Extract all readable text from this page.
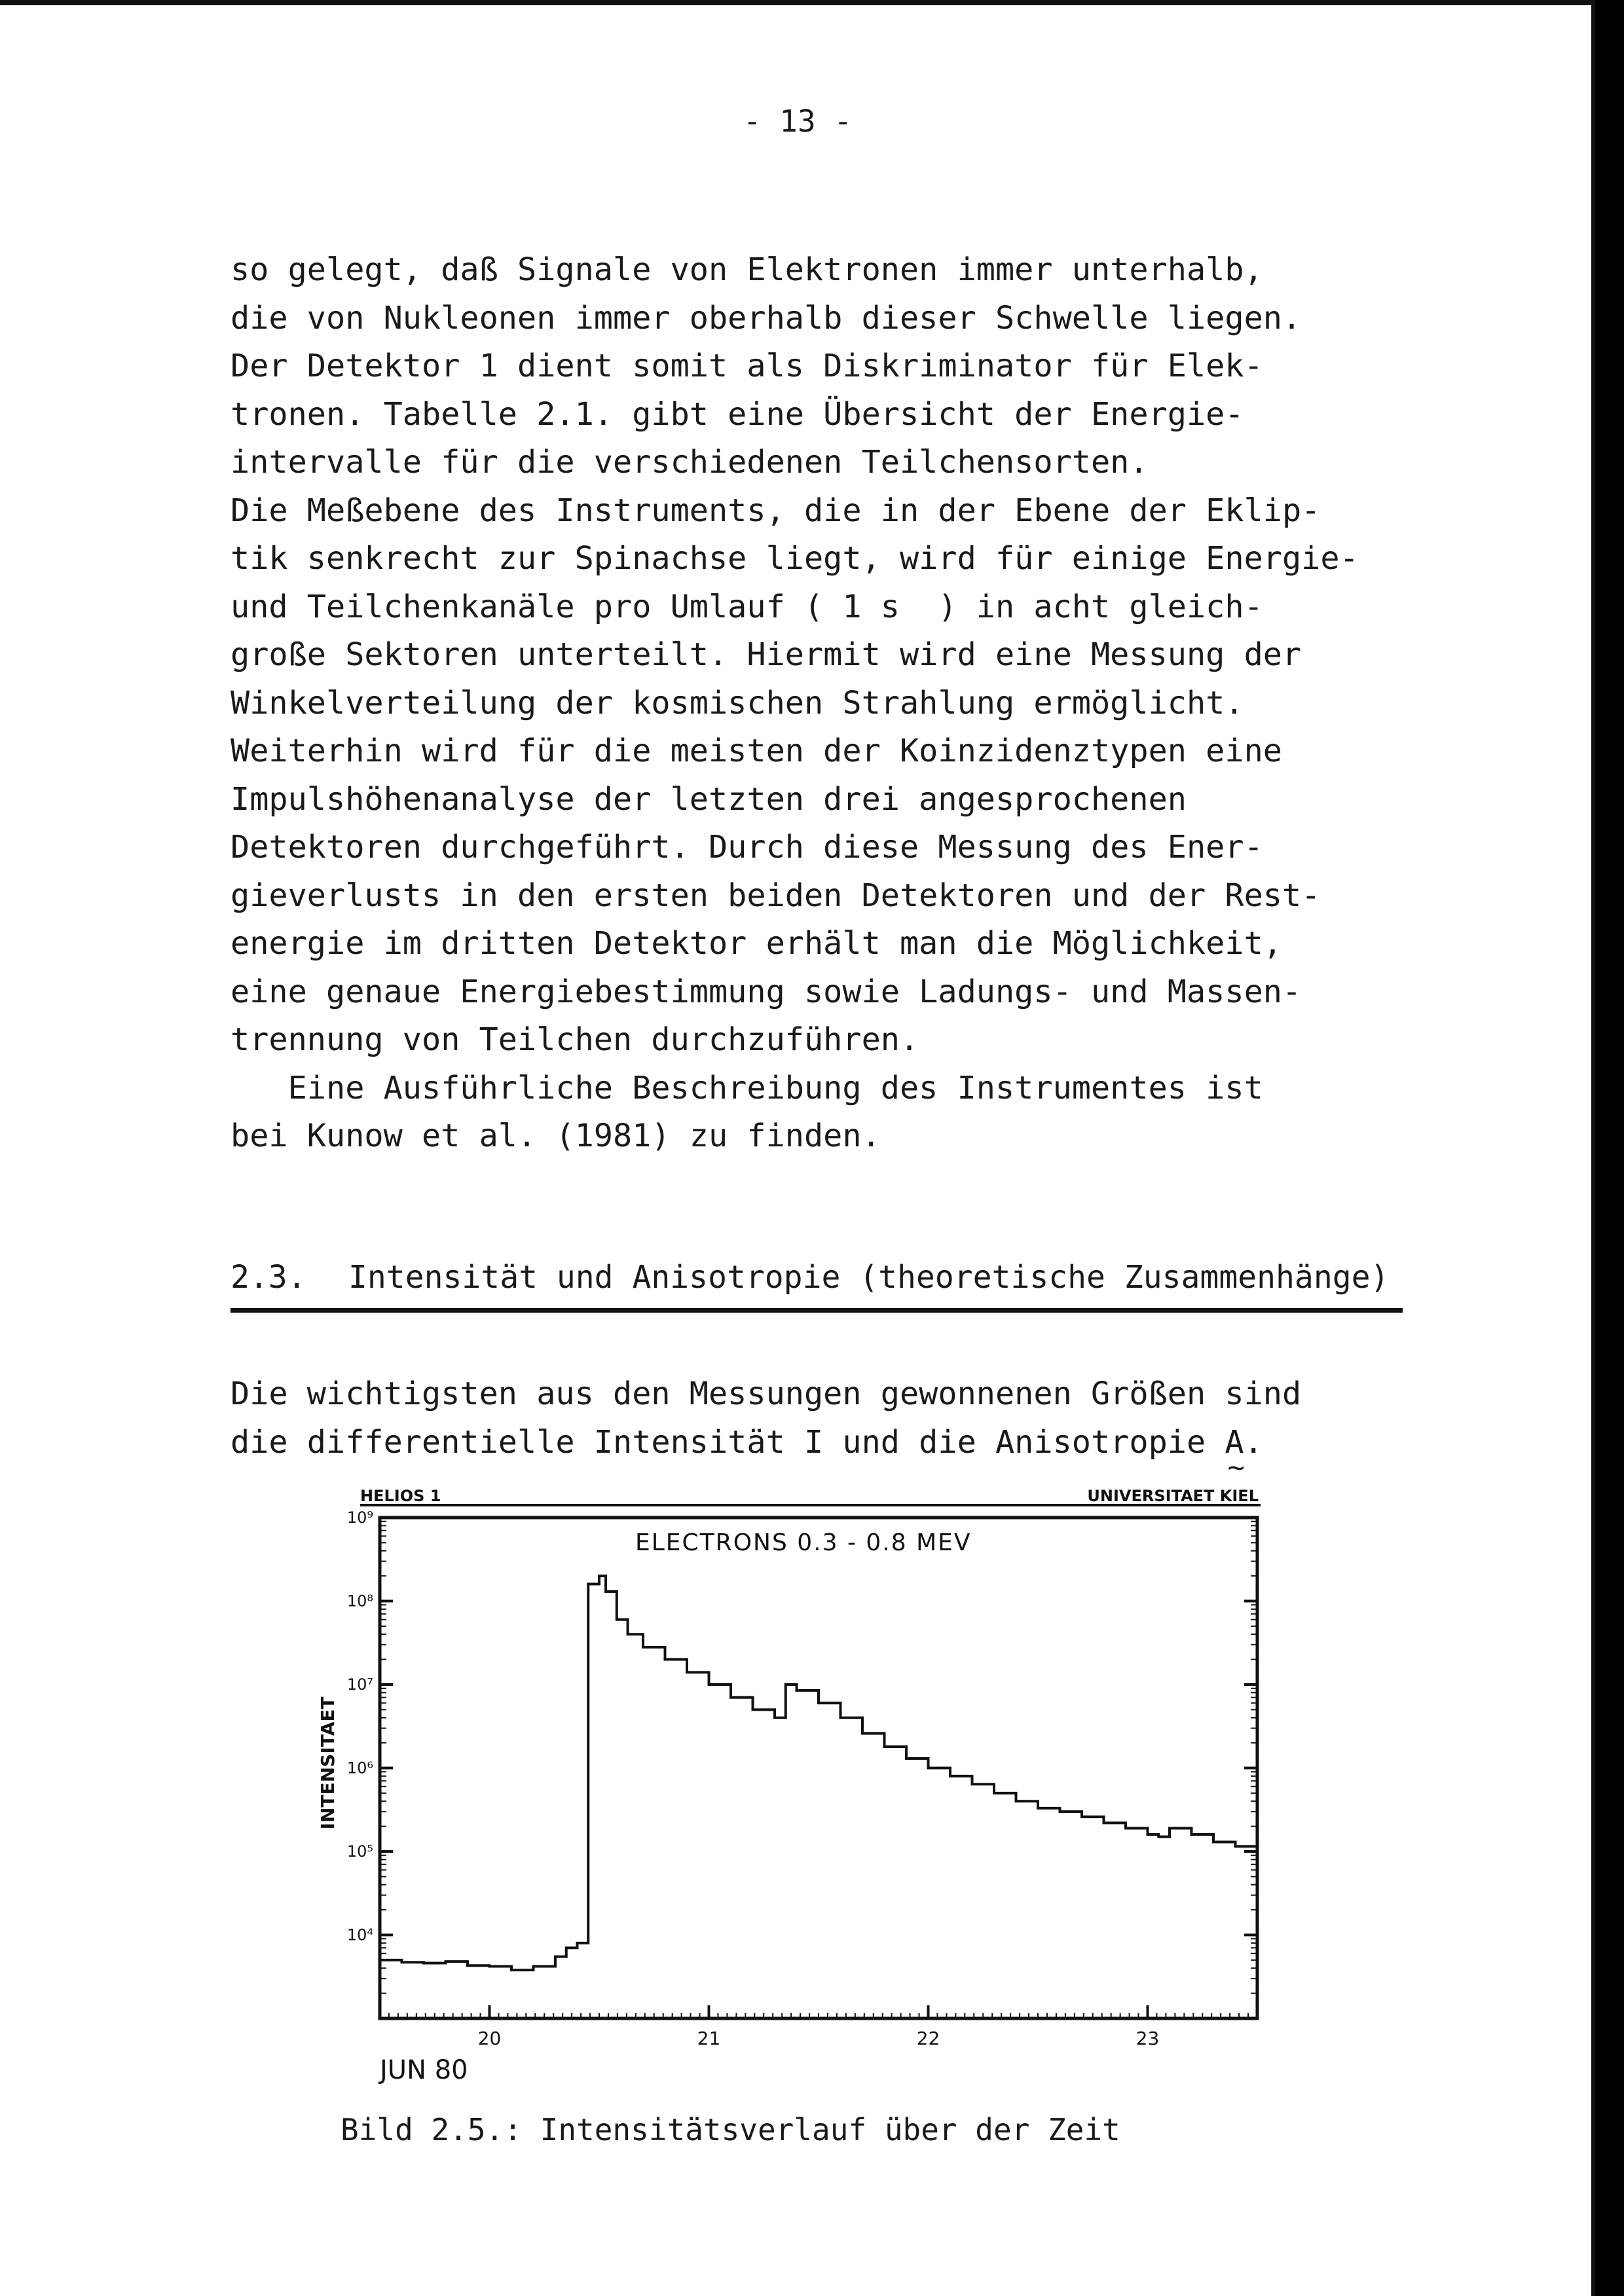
- 13 -
so gelegt, daß Signale von Elektronen immer unterhalb,
die von Nukleonen immer oberhalb dieser Schwelle liegen.
Der Detektor 1 dient somit als Diskriminator für Elek-
tronen. Tabelle 2.1. gibt eine Übersicht der Energie-
intervalle für die verschiedenen Teilchensorten.
Die Meßebene des Instruments, die in der Ebene der Eklip-
tik senkrecht zur Spinachse liegt, wird für einige Energie-
und Teilchenkanäle pro Umlauf ( 1 s  ) in acht gleich-
große Sektoren unterteilt. Hiermit wird eine Messung der
Winkelverteilung der kosmischen Strahlung ermöglicht.
Weiterhin wird für die meisten der Koinzidenztypen eine
Impulshöhenanalyse der letzten drei angesprochenen
Detektoren durchgeführt. Durch diese Messung des Ener-
gieverlusts in den ersten beiden Detektoren und der Rest-
energie im dritten Detektor erhält man die Möglichkeit,
eine genaue Energiebestimmung sowie Ladungs- und Massen-
trennung von Teilchen durchzuführen.
Eine Ausführliche Beschreibung des Instrumentes ist
bei Kunow et al. (1981) zu finden.
2.3. Intensität und Anisotropie (theoretische Zusammenhänge)
Die wichtigsten aus den Messungen gewonnenen Größen sind
die differentielle Intensität I und die Anisotropie A ~.
HELIOS 1	UNIVERSITAET KIEL
ELECTRONS 0.3 - 0.8 MEV
INTENSITAET
JUN 80
10⁹
10⁸
10⁷
10⁶
10⁵
10⁴
20	21	22	23
Bild 2.5.: Intensitätsverlauf über der Zeit
